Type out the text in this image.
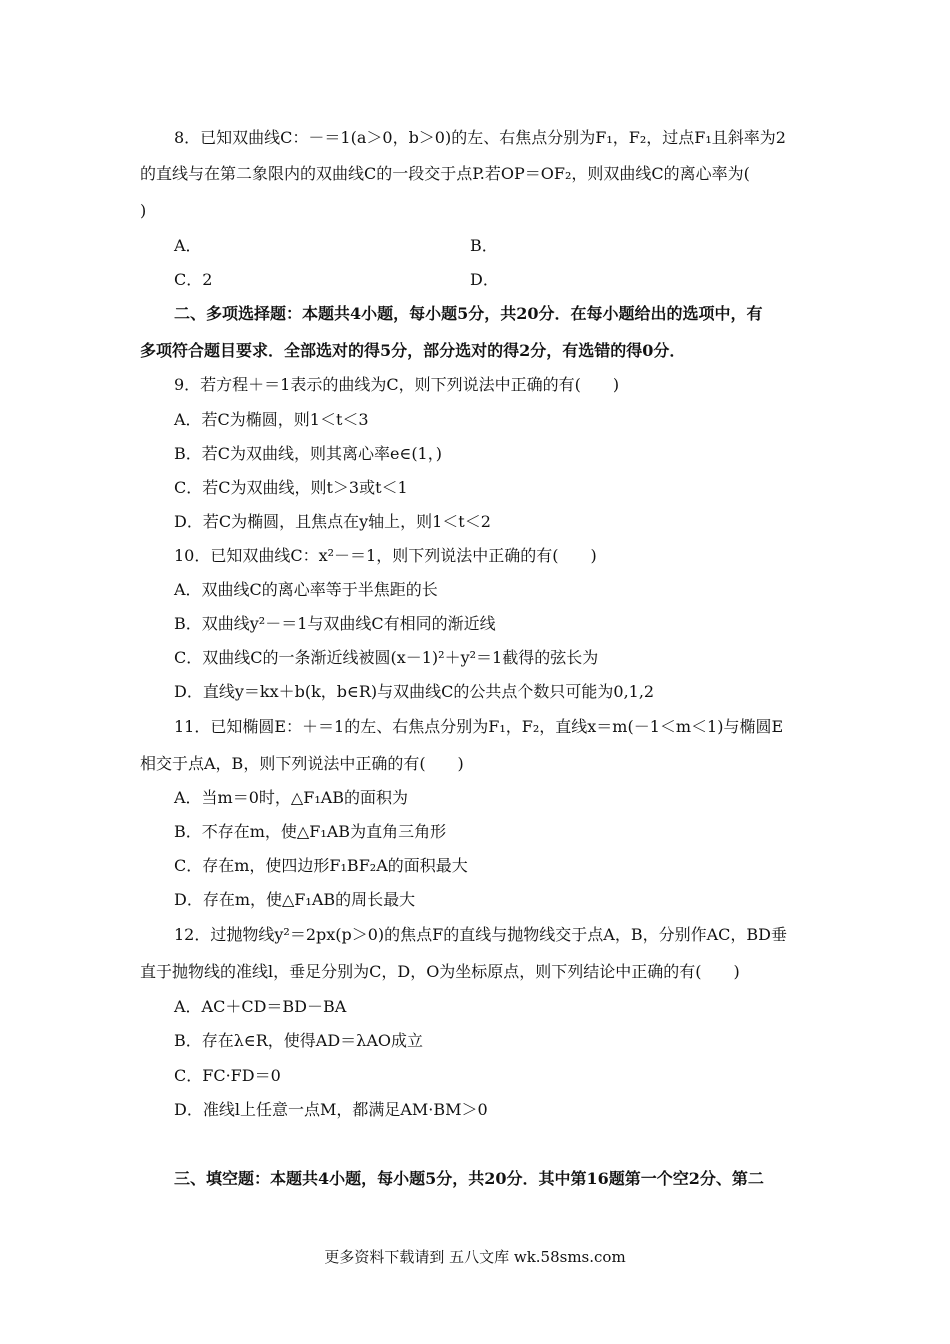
8．已知双曲线C：－＝1(a＞0，b＞0)的左、右焦点分别为F₁，F₂，过点F₁且斜率为2
的直线与在第二象限内的双曲线C的一段交于点P.若OP＝OF₂，则双曲线C的离心率为(
)
A．	B．
C．2	D．
二、多项选择题：本题共4小题，每小题5分，共20分．在每小题给出的选项中，有
多项符合题目要求．全部选对的得5分，部分选对的得2分，有选错的得0分．
9．若方程＋＝1表示的曲线为C，则下列说法中正确的有(　　)
A．若C为椭圆，则1＜t＜3
B．若C为双曲线，则其离心率e∈(1，)
C．若C为双曲线，则t＞3或t＜1
D．若C为椭圆，且焦点在y轴上，则1＜t＜2
10．已知双曲线C：x²－＝1，则下列说法中正确的有(　　)
A．双曲线C的离心率等于半焦距的长
B．双曲线y²－＝1与双曲线C有相同的渐近线
C．双曲线C的一条渐近线被圆(x－1)²＋y²＝1截得的弦长为
D．直线y＝kx＋b(k，b∈R)与双曲线C的公共点个数只可能为0,1,2
11．已知椭圆E：＋＝1的左、右焦点分别为F₁，F₂，直线x＝m(－1＜m＜1)与椭圆E
相交于点A，B，则下列说法中正确的有(　　)
A．当m＝0时，△F₁AB的面积为
B．不存在m，使△F₁AB为直角三角形
C．存在m，使四边形F₁BF₂A的面积最大
D．存在m，使△F₁AB的周长最大
12．过抛物线y²＝2px(p＞0)的焦点F的直线与抛物线交于点A，B，分别作AC，BD垂
直于抛物线的准线l，垂足分别为C，D，O为坐标原点，则下列结论中正确的有(　　)
A．AC＋CD＝BD－BA
B．存在λ∈R，使得AD＝λAO成立
C．FC·FD＝0
D．准线l上任意一点M，都满足AM·BM＞0
三、填空题：本题共4小题，每小题5分，共20分．其中第16题第一个空2分、第二
更多资料下载请到 五八文库 wk.58sms.com
